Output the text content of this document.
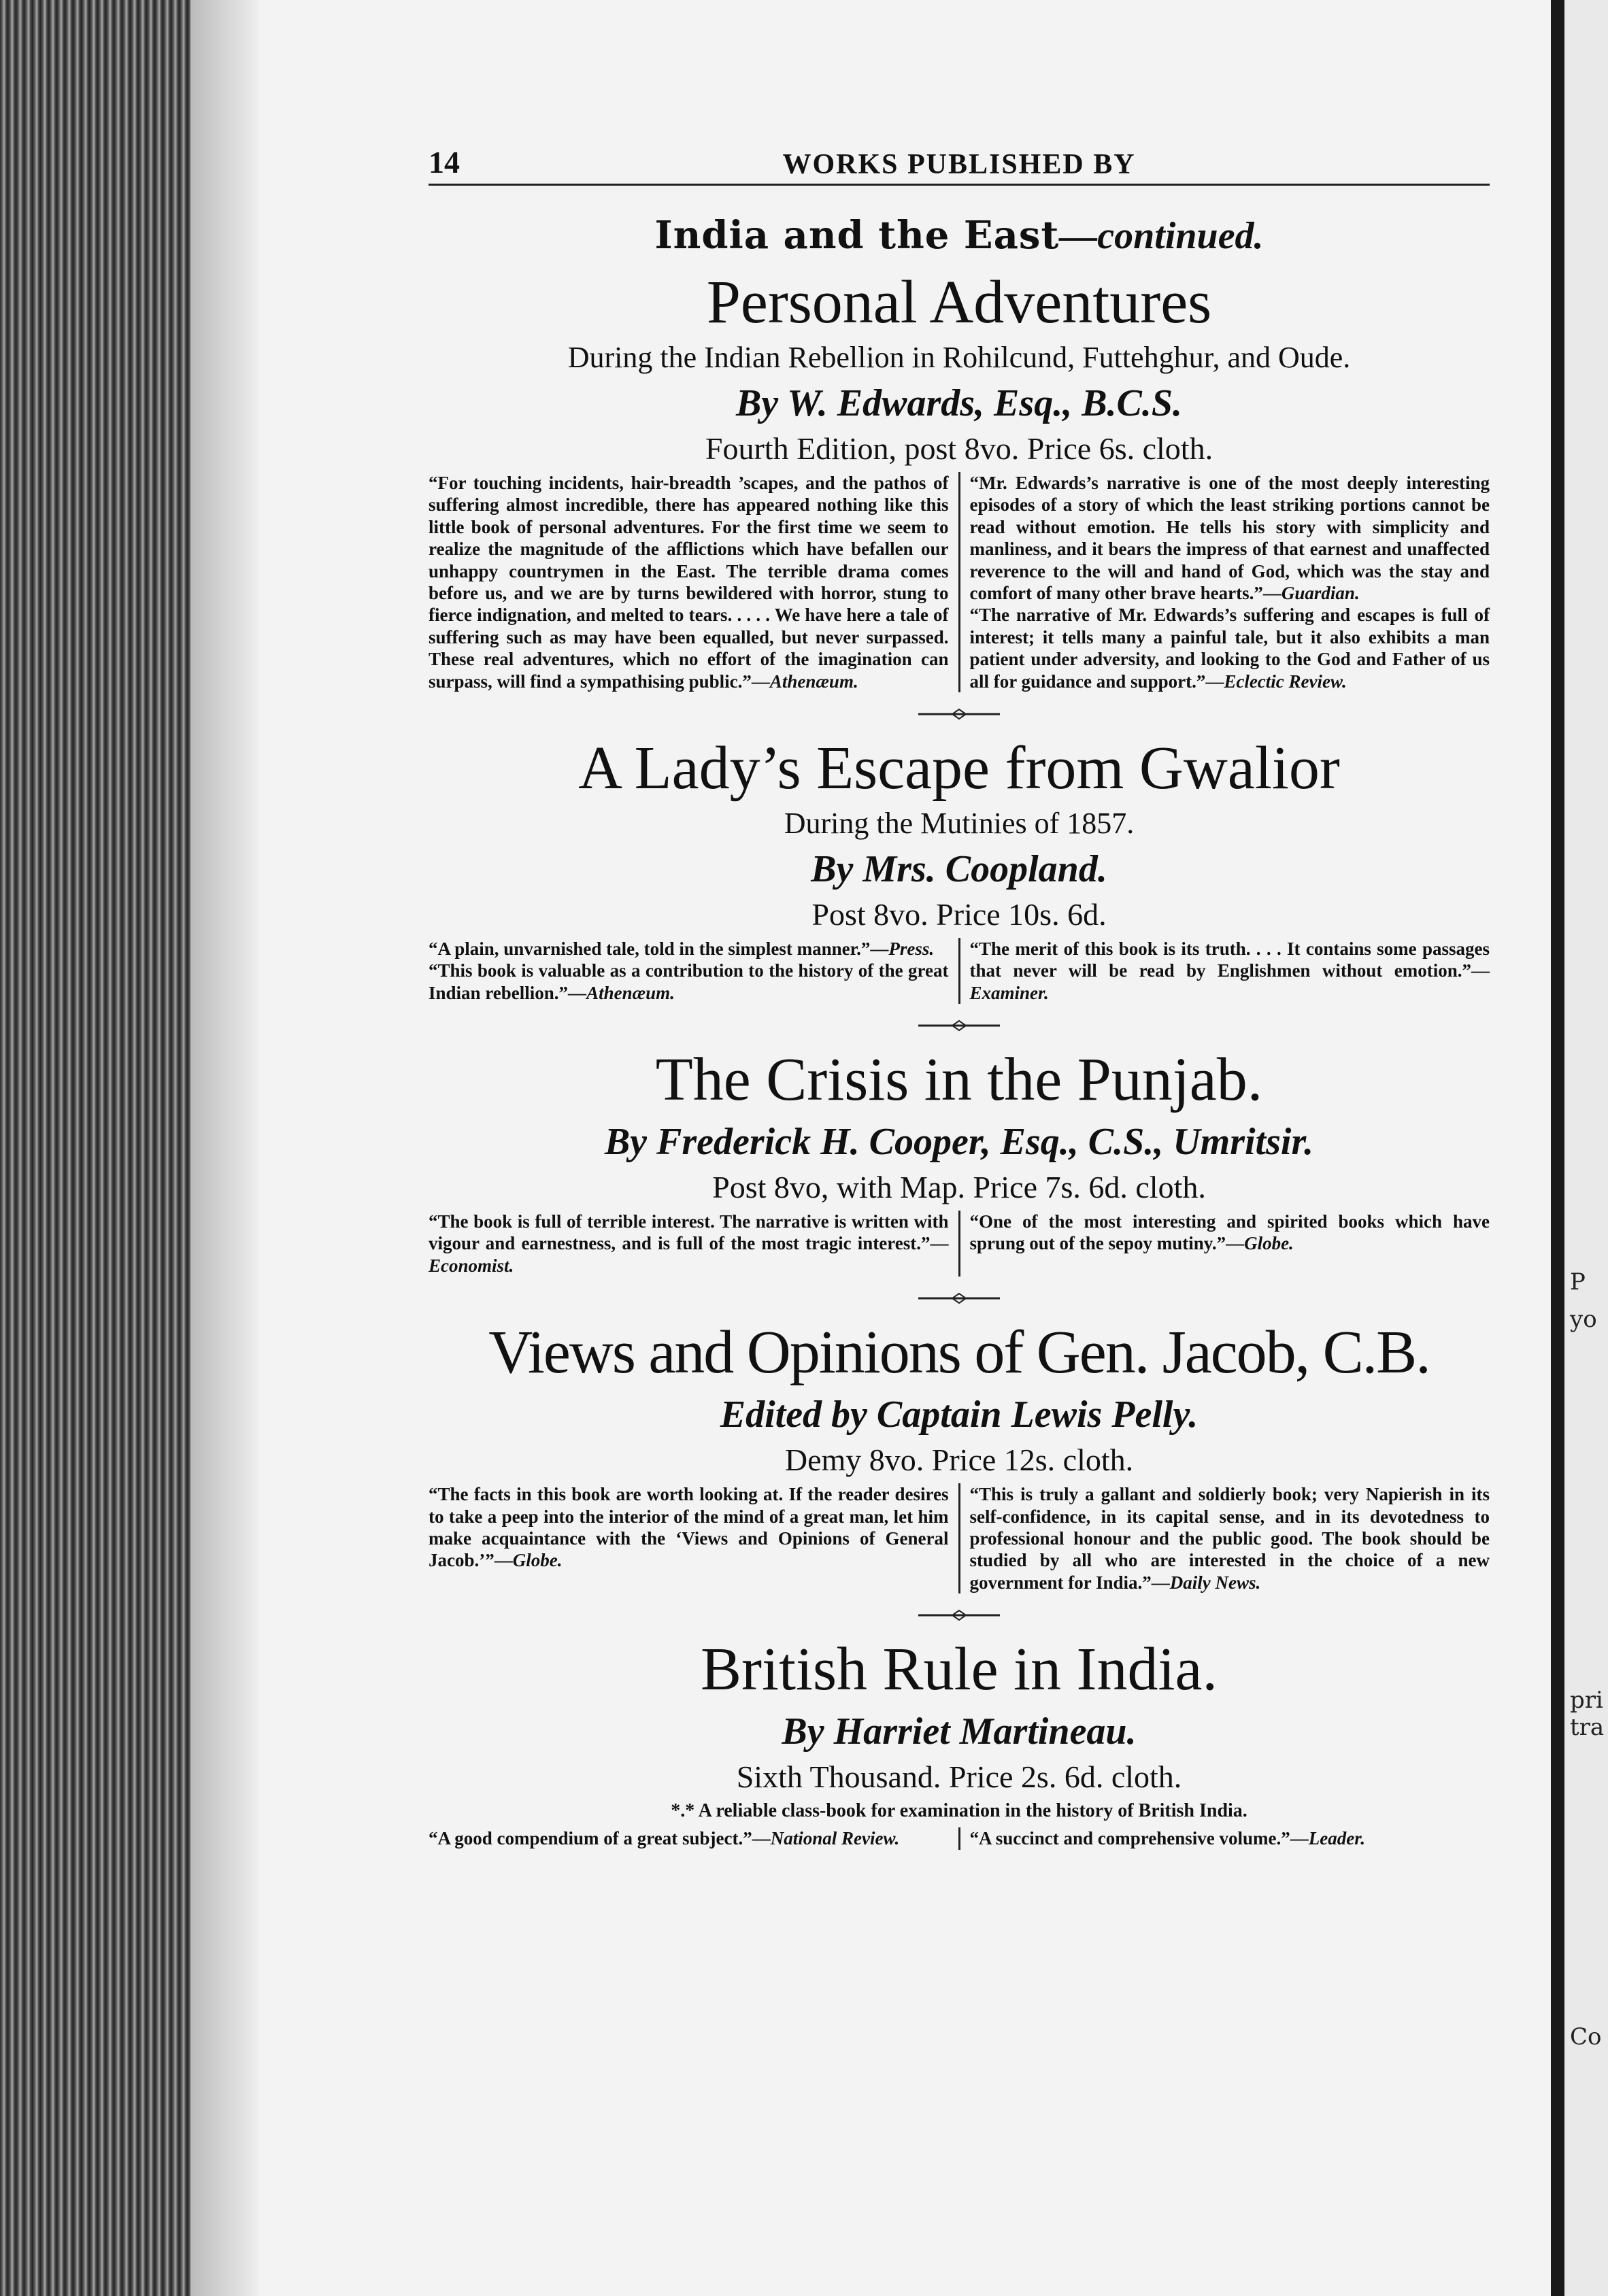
P
yo
pri
tra
Co
14	WORKS PUBLISHED BY
India and the East—continued.
Personal Adventures
During the Indian Rebellion in Rohilcund, Futtehghur, and Oude.
By W. Edwards, Esq., B.C.S.
Fourth Edition, post 8vo. Price 6s. cloth.

“For touching incidents, hair-breadth ’scapes, and the pathos of suffering almost incredible, there has appeared nothing like this little book of personal adventures. For the first time we seem to realize the magnitude of the afflictions which have befallen our unhappy countrymen in the East. The terrible drama comes before us, and we are by turns bewildered with horror, stung to fierce indignation, and melted to tears. . . . . We have here a tale of suffering such as may have been equalled, but never surpassed. These real adventures, which no effort of the imagination can surpass, will find a sympathising public.”—Athenæum.

“Mr. Edwards’s narrative is one of the most deeply interesting episodes of a story of which the least striking portions cannot be read without emotion. He tells his story with simplicity and manliness, and it bears the impress of that earnest and unaffected reverence to the will and hand of God, which was the stay and comfort of many other brave hearts.”—Guardian.

“The narrative of Mr. Edwards’s suffering and escapes is full of interest; it tells many a painful tale, but it also exhibits a man patient under adversity, and looking to the God and Father of us all for guidance and support.”—Eclectic Review.

A Lady’s Escape from Gwalior
During the Mutinies of 1857.
By Mrs. Coopland.
Post 8vo. Price 10s. 6d.

“A plain, unvarnished tale, told in the simplest manner.”—Press.

“This book is valuable as a contribution to the history of the great Indian rebellion.”—Athenæum.

“The merit of this book is its truth. . . . It contains some passages that never will be read by Englishmen without emotion.”—Examiner.

The Crisis in the Punjab.
By Frederick H. Cooper, Esq., C.S., Umritsir.
Post 8vo, with Map. Price 7s. 6d. cloth.

“The book is full of terrible interest. The narrative is written with vigour and earnestness, and is full of the most tragic interest.”—Economist.

“One of the most interesting and spirited books which have sprung out of the sepoy mutiny.”—Globe.

Views and Opinions of Gen. Jacob, C.B.
Edited by Captain Lewis Pelly.
Demy 8vo. Price 12s. cloth.

“The facts in this book are worth looking at. If the reader desires to take a peep into the interior of the mind of a great man, let him make acquaintance with the ‘Views and Opinions of General Jacob.’”—Globe.

“This is truly a gallant and soldierly book; very Napierish in its self-confidence, in its capital sense, and in its devotedness to professional honour and the public good. The book should be studied by all who are interested in the choice of a new government for India.”—Daily News.

British Rule in India.
By Harriet Martineau.
Sixth Thousand. Price 2s. 6d. cloth.
*.* A reliable class-book for examination in the history of British India.

“A good compendium of a great subject.”—National Review.	“A succinct and comprehensive volume.”—Leader.
